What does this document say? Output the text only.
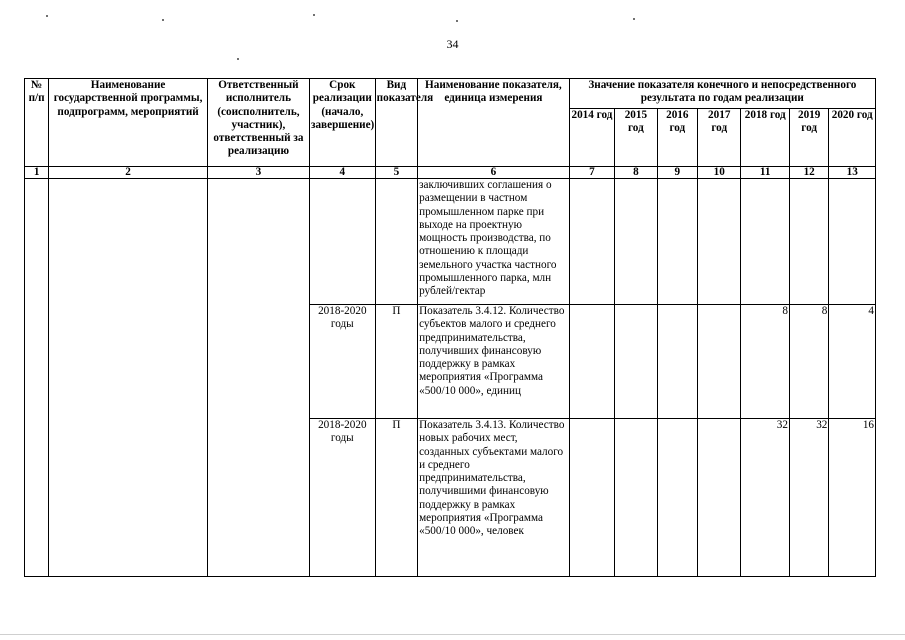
34
№ п/п	Наименование государственной программы, подпрограмм, мероприятий	Ответственный исполнитель (соисполнитель, участник), ответственный за реализацию	Срок реализации (начало, завершение)	Вид показателя	Наименование показателя, единица измерения	Значение показателя конечного и непосредственного результата по годам реализации						
						2014 год	2015 год	2016 год	2017 год	2018 год	2019 год	2020 год
1	2	3	4	5	6	7	8	9	10	11	12	13
					заключивших соглашения о размещении в частном промышленном парке при выходе на проектную мощность производства, по отношению к площади земельного участка частного промышленного парка, млн рублей/гектар							
			2018-2020 годы	П	Показатель 3.4.12. Количество субъектов малого и среднего предпринимательства, получивших финансовую поддержку в рамках мероприятия «Программа «500/10 000», единиц					8	8	4
			2018-2020 годы	П	Показатель 3.4.13. Количество новых рабочих мест, созданных субъектами малого и среднего предпринимательства, получившими финансовую поддержку в рамках мероприятия «Программа «500/10 000», человек					32	32	16
